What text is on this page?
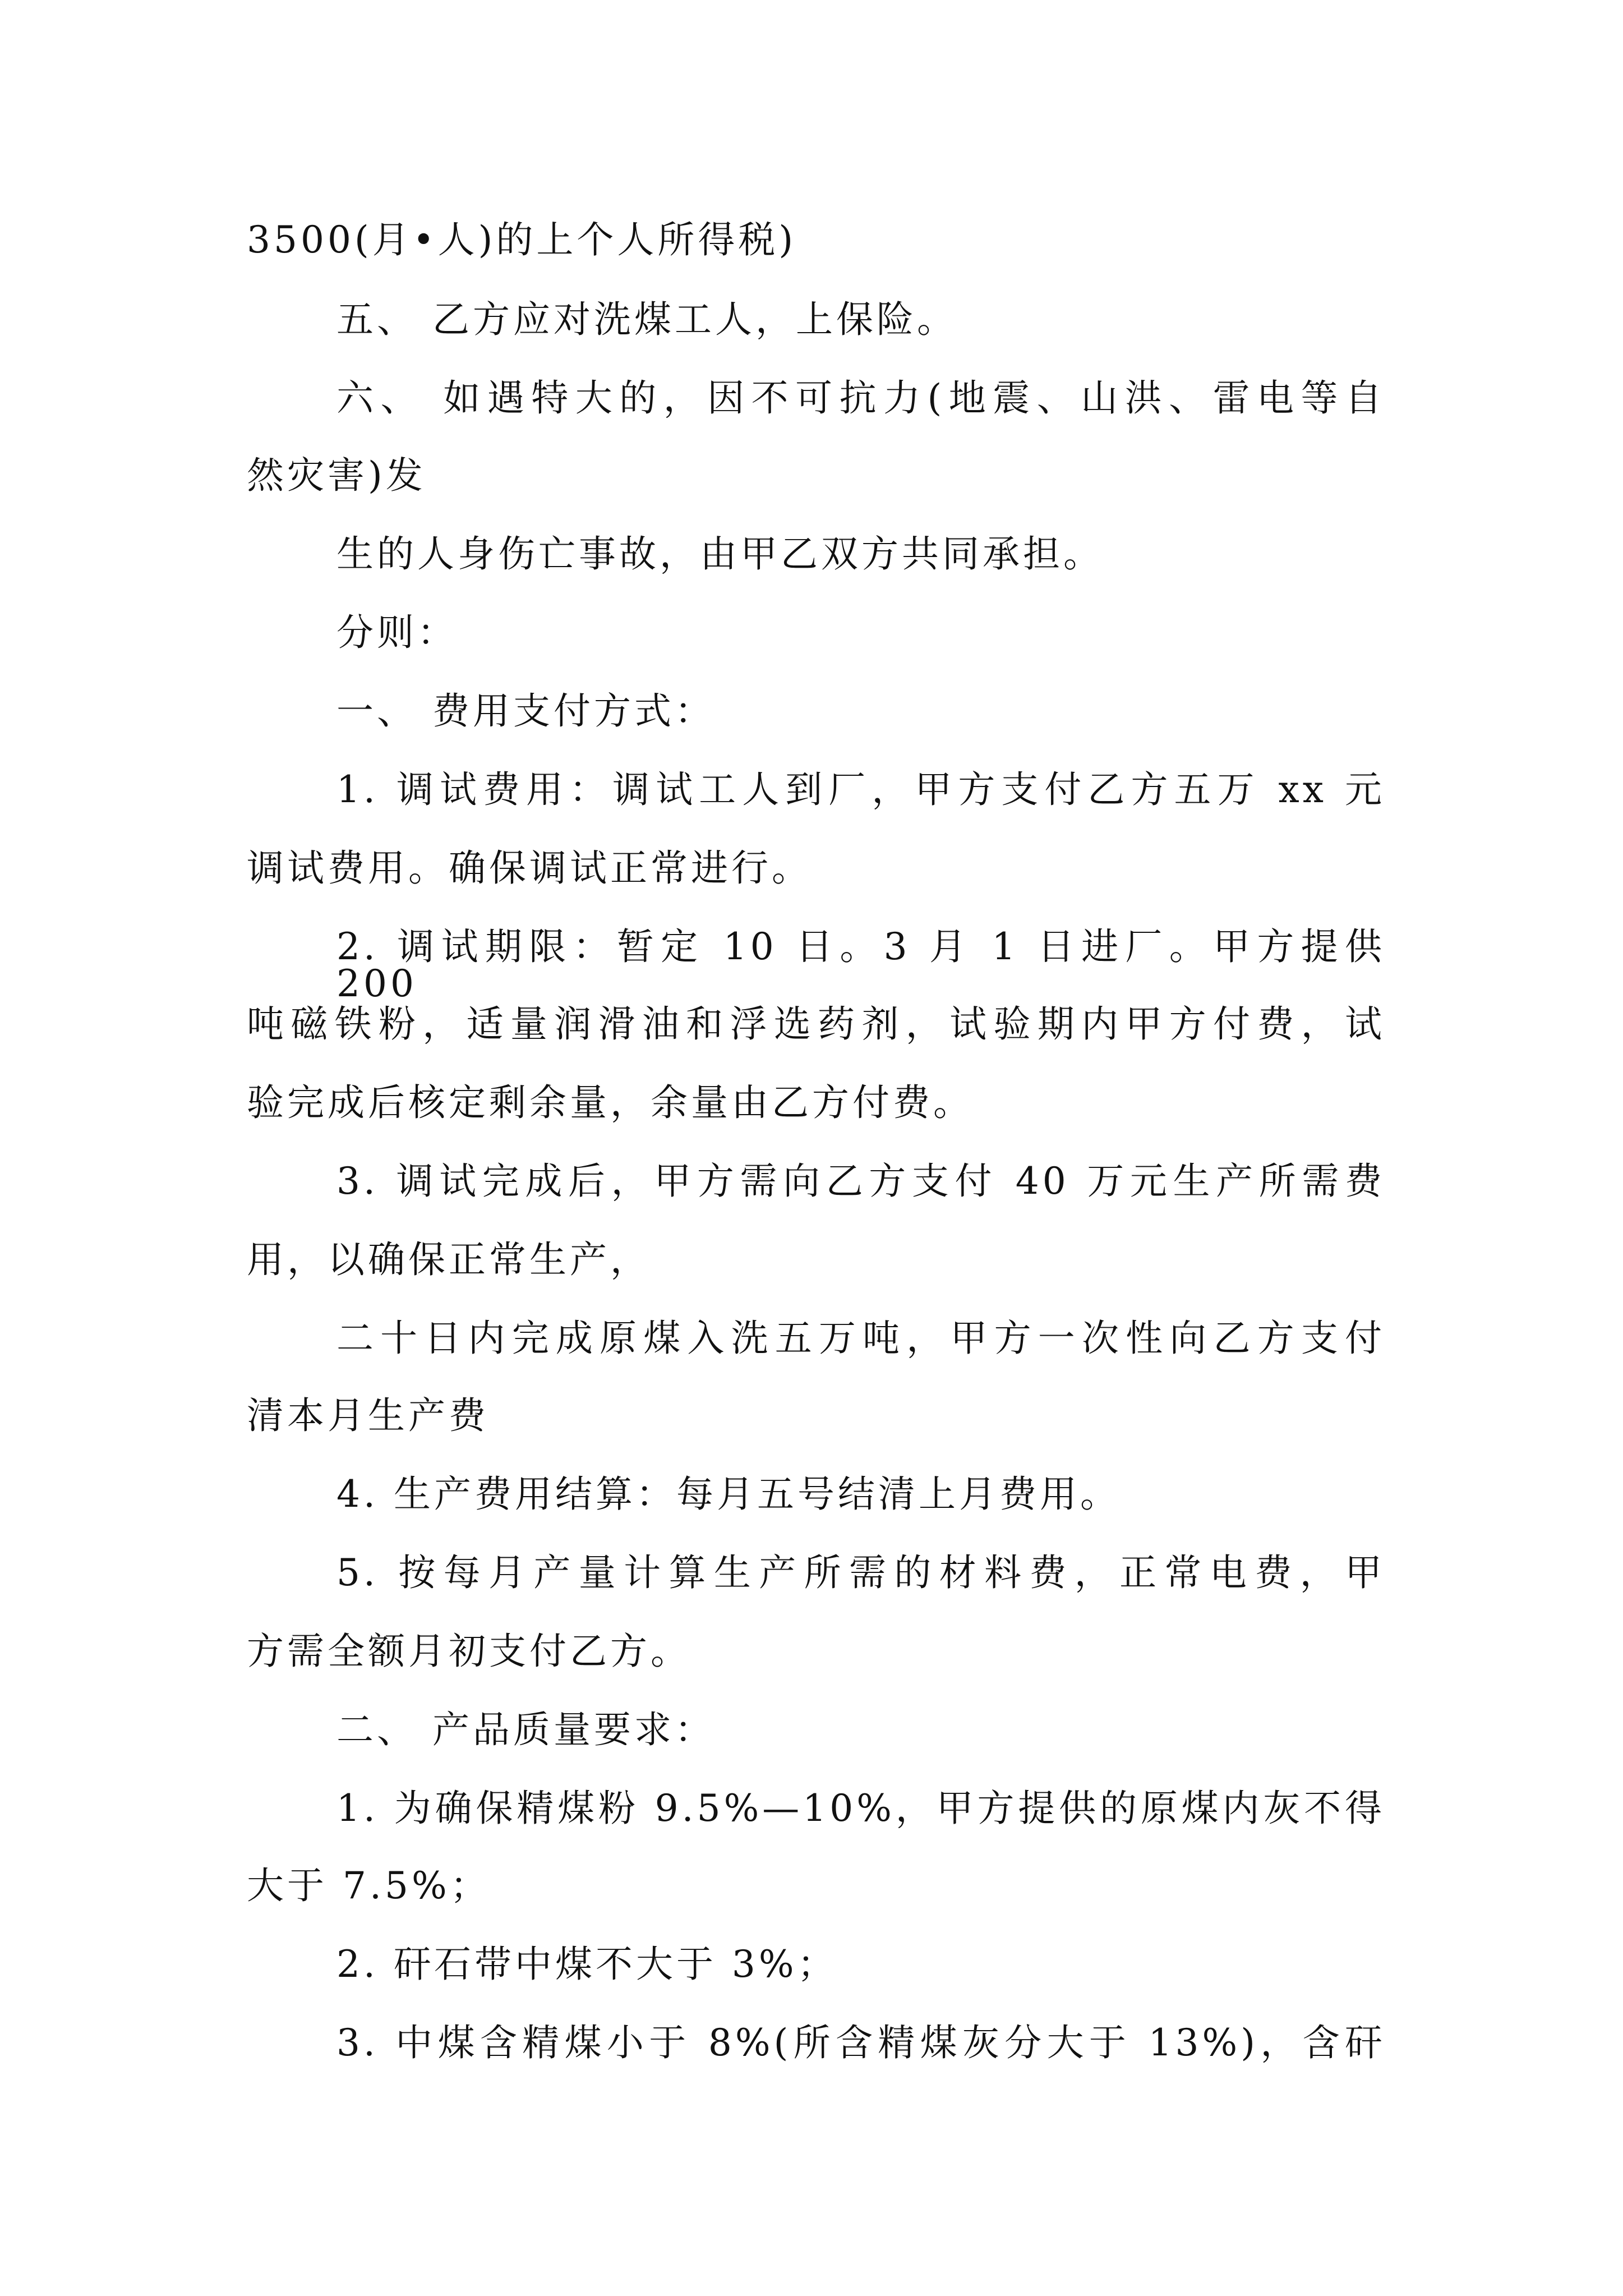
3500(月•人)的上个人所得税)
五、 乙方应对洗煤工人，上保险。
六、 如遇特大的，因不可抗力(地震、山洪、雷电等自
然灾害)发
生的人身伤亡事故，由甲乙双方共同承担。
分则：
一、 费用支付方式：
1. 调试费用：调试工人到厂，甲方支付乙方五万 xx 元
调试费用。确保调试正常进行。
2. 调试期限：暂定 10 日。3 月 1 日进厂。甲方提供 200
吨磁铁粉，适量润滑油和浮选药剂，试验期内甲方付费，试
验完成后核定剩余量，余量由乙方付费。
3. 调试完成后，甲方需向乙方支付 40 万元生产所需费
用，以确保正常生产，
二十日内完成原煤入洗五万吨，甲方一次性向乙方支付
清本月生产费
4. 生产费用结算：每月五号结清上月费用。
5. 按每月产量计算生产所需的材料费，正常电费，甲
方需全额月初支付乙方。
二、 产品质量要求：
1. 为确保精煤粉 9.5%—10%，甲方提供的原煤内灰不得
大于 7.5%；
2. 矸石带中煤不大于 3%；
3. 中煤含精煤小于 8%(所含精煤灰分大于 13%)，含矸
